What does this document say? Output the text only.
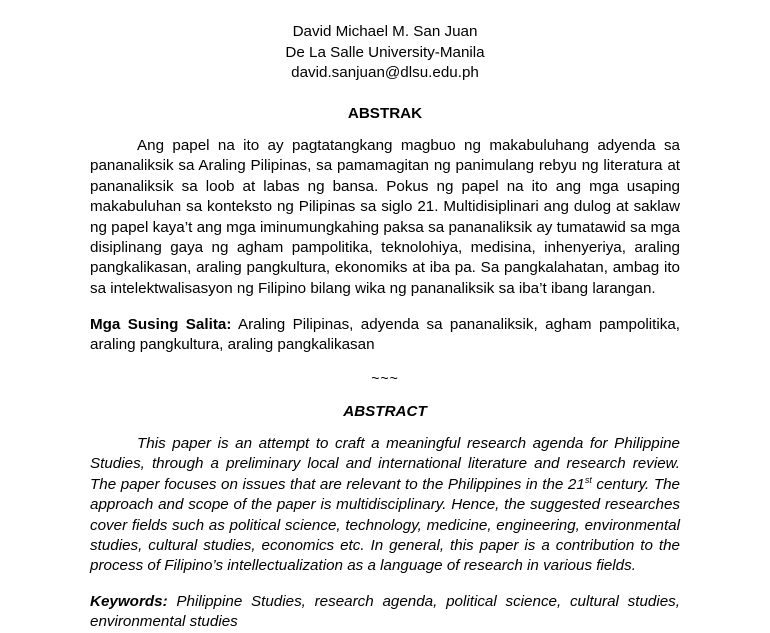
David Michael M. San Juan
De La Salle University-Manila
david.sanjuan@dlsu.edu.ph
ABSTRAK

Ang papel na ito ay pagtatangkang magbuo ng makabuluhang adyenda sa pananaliksik sa Araling Pilipinas, sa pamamagitan ng panimulang rebyu ng literatura at pananaliksik sa loob at labas ng bansa. Pokus ng papel na ito ang mga usaping makabuluhan sa konteksto ng Pilipinas sa siglo 21. Multidisiplinari ang dulog at saklaw ng papel kaya’t ang mga iminumungkahing paksa sa pananaliksik ay tumatawid sa mga disiplinang gaya ng agham pampolitika, teknolohiya, medisina, inhenyeriya, araling pangkalikasan, araling pangkultura, ekonomiks at iba pa. Sa pangkalahatan, ambag ito sa intelektwalisasyon ng Filipino bilang wika ng pananaliksik sa iba’t ibang larangan.

Mga Susing Salita: Araling Pilipinas, adyenda sa pananaliksik, agham pampolitika, araling pangkultura, araling pangkalikasan

~~~
ABSTRACT

This paper is an attempt to craft a meaningful research agenda for Philippine Studies, through a preliminary local and international literature and research review. The paper focuses on issues that are relevant to the Philippines in the 21st century. The approach and scope of the paper is multidisciplinary. Hence, the suggested researches cover fields such as political science, technology, medicine, engineering, environmental studies, cultural studies, economics etc. In general, this paper is a contribution to the process of Filipino’s intellectualization as a language of research in various fields.

Keywords: Philippine Studies, research agenda, political science, cultural studies, environmental studies
